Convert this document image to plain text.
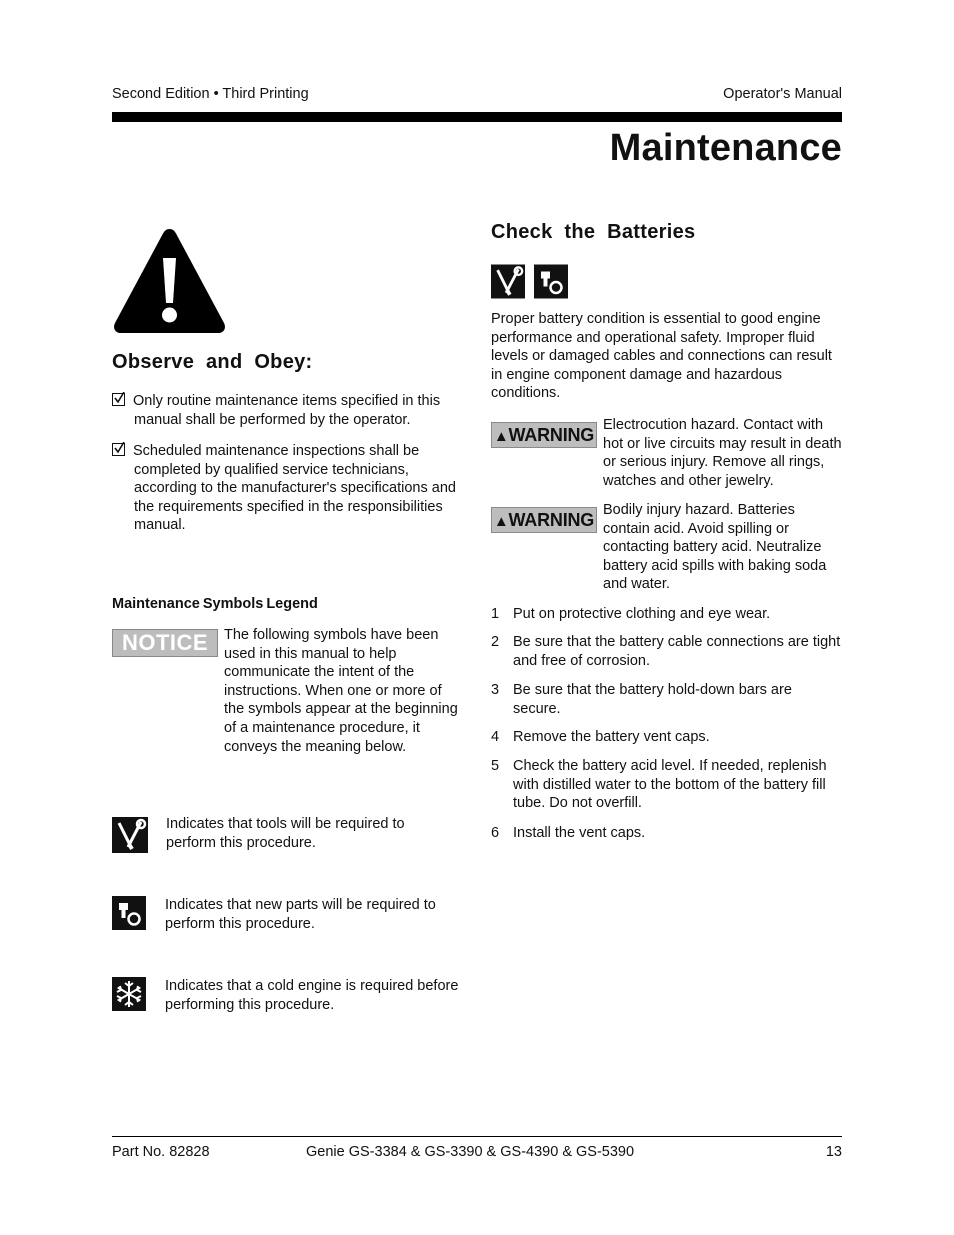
Second Edition • Third Printing	Operator's Manual
Maintenance
Observe and Obey:
Only routine maintenance items specified in this manual shall be performed by the operator.
Scheduled maintenance inspections shall be completed by qualified service technicians, according to the manufacturer's specifications and the requirements specified in the responsibilities manual.
Maintenance Symbols Legend
NOTICE	The following symbols have been used in this manual to help communicate the intent of the instructions. When one or more of the symbols appear at the beginning of a maintenance procedure, it conveys the meaning below.
Indicates that tools will be required to perform this procedure.
Indicates that new parts will be required to perform this procedure.
Indicates that a cold engine is required before performing this procedure.
Check the Batteries
Proper battery condition is essential to good engine performance and operational safety. Improper fluid levels or damaged cables and connections can result in engine component damage and hazardous conditions.
▲WARNING Electrocution hazard. Contact with hot or live circuits may result in death or serious injury. Remove all rings, watches and other jewelry.
▲WARNING Bodily injury hazard. Batteries contain acid. Avoid spilling or contacting battery acid. Neutralize battery acid spills with baking soda and water.
1 Put on protective clothing and eye wear.
2 Be sure that the battery cable connections are tight and free of corrosion.
3 Be sure that the battery hold-down bars are secure.
4 Remove the battery vent caps.
5 Check the battery acid level. If needed, replenish with distilled water to the bottom of the battery fill tube. Do not overfill.
6 Install the vent caps.
Part No. 82828	Genie GS-3384 & GS-3390 & GS-4390 & GS-5390	13
